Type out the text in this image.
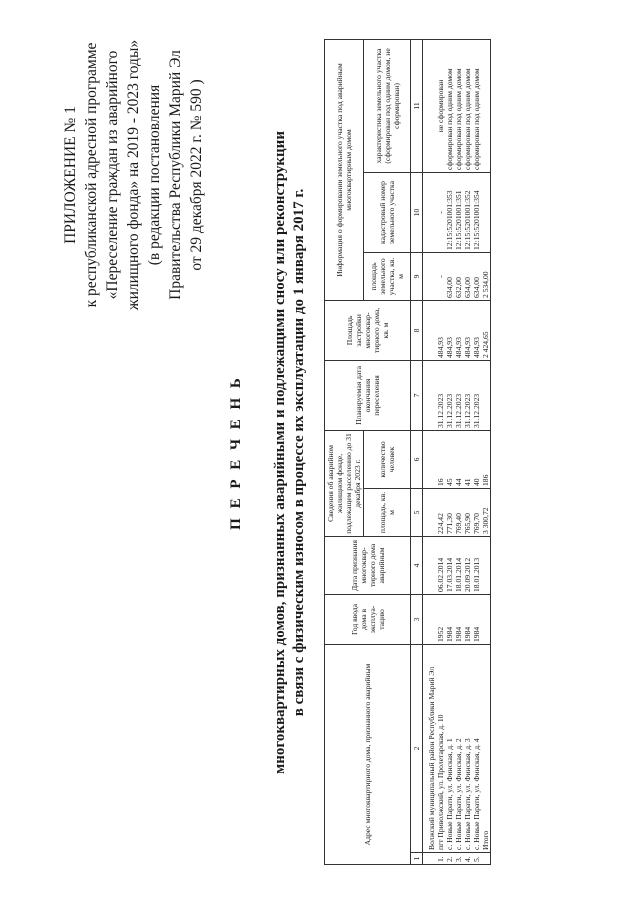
ПРИЛОЖЕНИЕ № 1 к республиканской адресной программе «Переселение граждан из аварийного жилищного фонда» на 2019 - 2023 годы» (в редакции постановления Правительства Республики Марий Эл от 29 декабря 2022 г. № 590 )
П Е Р Е Ч Е Н Ь многоквартирных домов, признанных аварийными и подлежащими сносу или реконструкции в связи с физическим износом в процессе их эксплуатации до 1 января 2017 г.
Адрес многоквартирного дома, признанного аварийным		Год ввода дома в эксплуа-тацию	Дата признания многоквар-тирного дома аварийным	Сведения об аварийном жилищном фонде, подлежащем расселению до 31 декабря 2023 г.		Планируемая дата окончания переселения	Площадь застройки многоквар-тирного дома, кв. м	Информация о формировании земельного участка под аварийным многоквартирным домом		
				площадь, кв. м	количество человек			площадь земельного участка, кв. м	кадастровый номер земельного участка	характеристика земельного участка (сформирован под одним домом, не сформирован)

1	2	3	4	5	6	7	8	9	10	11
	Волжский муниципальный район Республики Марий Эл									
1.	пгт Приволжский, ул. Пролетарская, д. 10	1952	06.02.2014	224,42	16	31.12.2023	484,93	-	-	не сформирован
2.	с. Новые Парати, ул. Финская, д. 1	1984	17.03.2014	771,30	45	31.12.2023	484,93	634,00	12:15:5201001:353	сформирован под одним домом
3.	с. Новые Парати, ул. Финская, д. 2	1984	18.01.2014	769,40	44	31.12.2023	484,93	632,00	12:15:5201001:351	сформирован под одним домом
4.	с. Новые Парати, ул. Финская, д. 3	1984	20.09.2012	765,90	41	31.12.2023	484,93	634,00	12:15:5201001:352	сформирован под одним домом
5.	с. Новые Парати, ул. Финская, д. 4	1984	18.01.2013	769,70	40	31.12.2023	484,93	634,00	12:15:5201001:354	сформирован под одним домом
	Итого			3 300,72	186		2 424,65	2 534,00		
